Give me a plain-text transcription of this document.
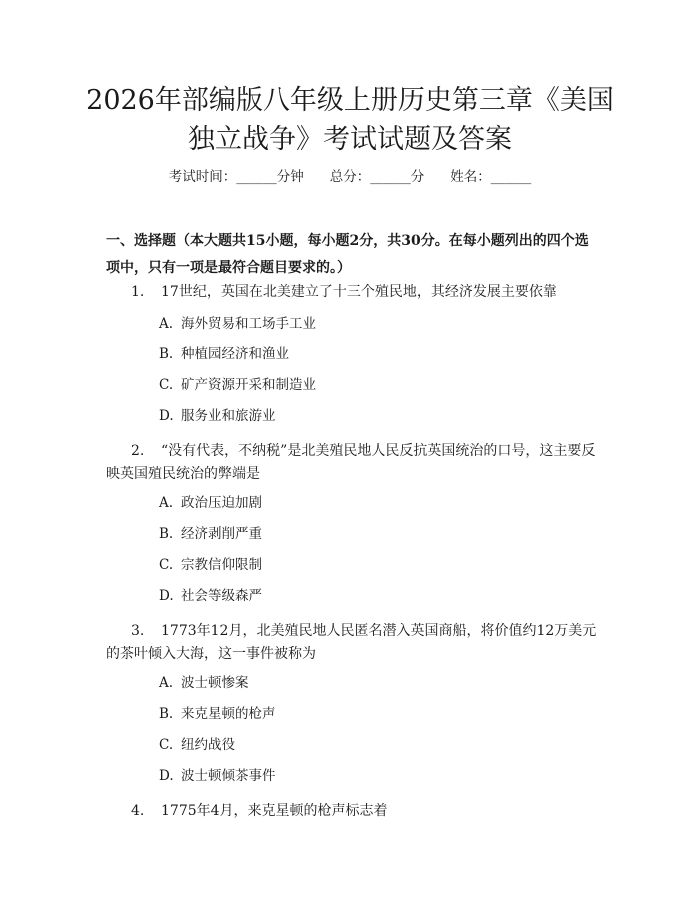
2026年部编版八年级上册历史第三章《美国
独立战争》考试试题及答案
考试时间：______分钟 总分：______分 姓名：______
一、选择题（本大题共15小题，每小题2分，共30分。在每小题列出的四个选
项中，只有一项是最符合题目要求的。）
1. 17世纪，英国在北美建立了十三个殖民地，其经济发展主要依靠
A. 海外贸易和工场手工业
B. 种植园经济和渔业
C. 矿产资源开采和制造业
D. 服务业和旅游业
2. “没有代表，不纳税”是北美殖民地人民反抗英国统治的口号，这主要反
映英国殖民统治的弊端是
A. 政治压迫加剧
B. 经济剥削严重
C. 宗教信仰限制
D. 社会等级森严
3. 1773年12月，北美殖民地人民匿名潜入英国商船，将价值约12万美元
的茶叶倾入大海，这一事件被称为
A. 波士顿惨案
B. 来克星顿的枪声
C. 纽约战役
D. 波士顿倾茶事件
4. 1775年4月，来克星顿的枪声标志着
